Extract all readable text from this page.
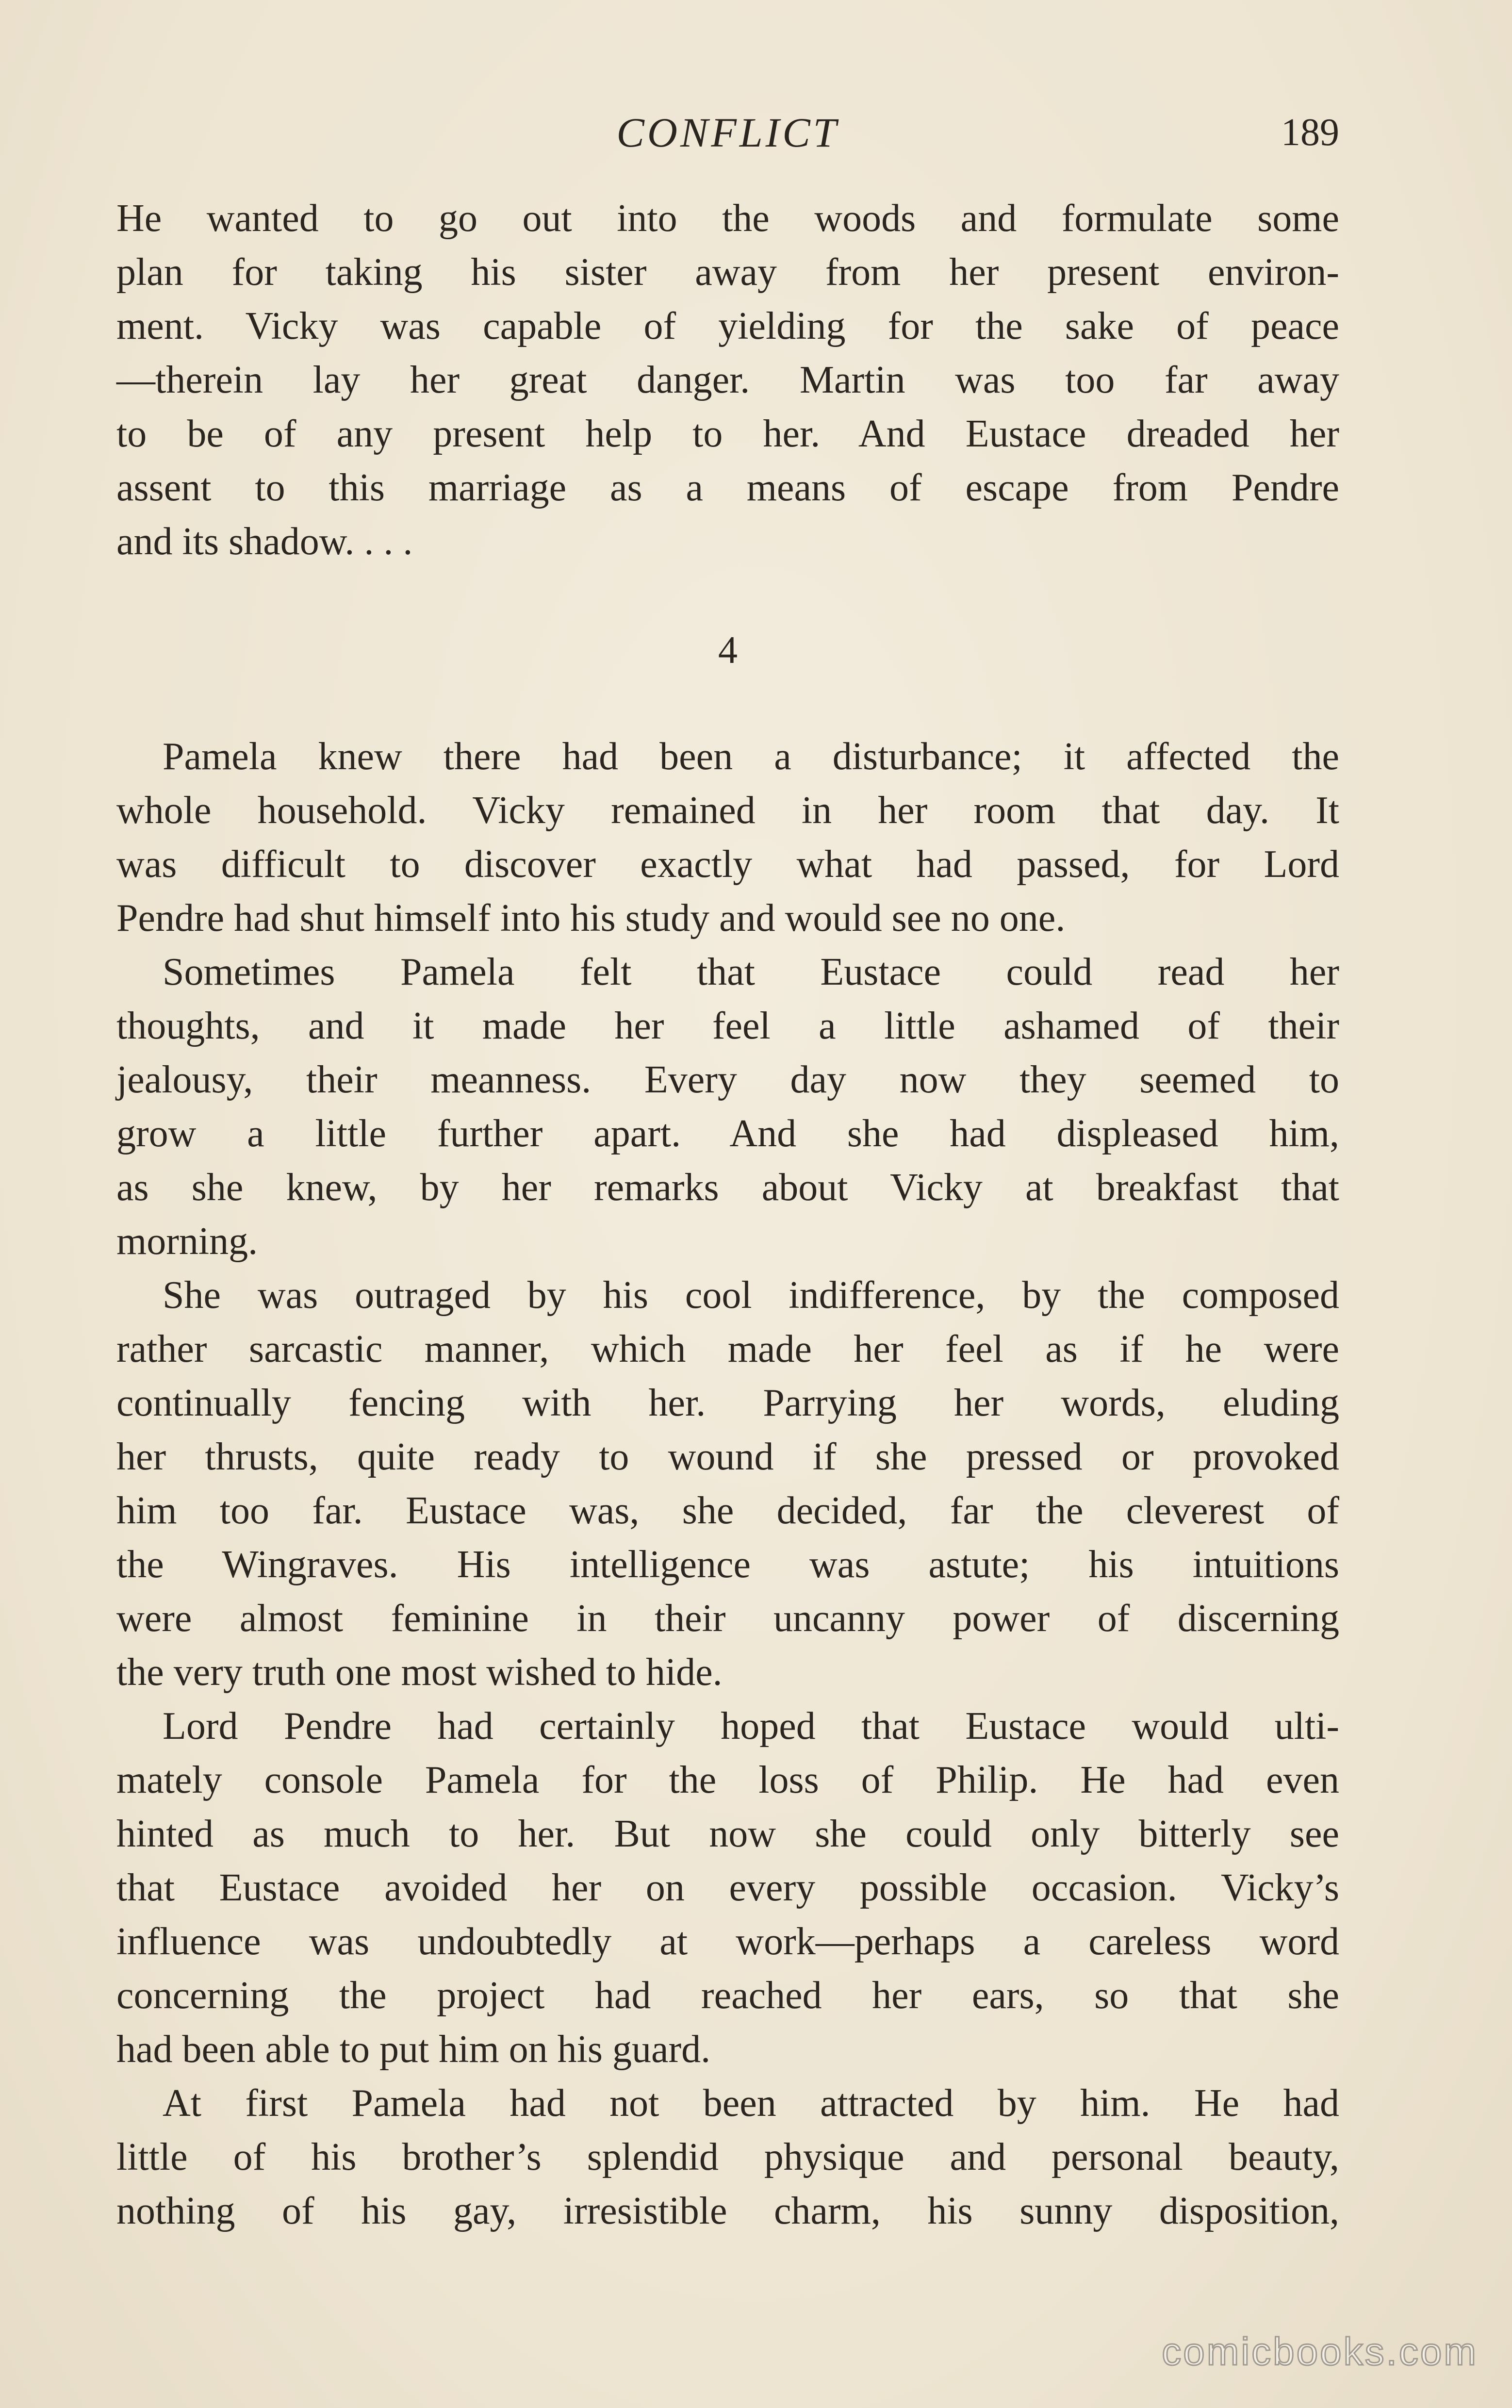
CONFLICT	189
He wanted to go out into the woods and formulate some
plan for taking his sister away from her present environ-
ment. Vicky was capable of yielding for the sake of peace
—therein lay her great danger. Martin was too far away
to be of any present help to her. And Eustace dreaded her
assent to this marriage as a means of escape from Pendre
and its shadow. . . .
4
Pamela knew there had been a disturbance; it affected the
whole household. Vicky remained in her room that day. It
was difficult to discover exactly what had passed, for Lord
Pendre had shut himself into his study and would see no one.
Sometimes Pamela felt that Eustace could read her
thoughts, and it made her feel a little ashamed of their
jealousy, their meanness. Every day now they seemed to
grow a little further apart. And she had displeased him,
as she knew, by her remarks about Vicky at breakfast that
morning.
She was outraged by his cool indifference, by the composed
rather sarcastic manner, which made her feel as if he were
continually fencing with her. Parrying her words, eluding
her thrusts, quite ready to wound if she pressed or provoked
him too far. Eustace was, she decided, far the cleverest of
the Wingraves. His intelligence was astute; his intuitions
were almost feminine in their uncanny power of discerning
the very truth one most wished to hide.
Lord Pendre had certainly hoped that Eustace would ulti-
mately console Pamela for the loss of Philip. He had even
hinted as much to her. But now she could only bitterly see
that Eustace avoided her on every possible occasion. Vicky’s
influence was undoubtedly at work—perhaps a careless word
concerning the project had reached her ears, so that she
had been able to put him on his guard.
At first Pamela had not been attracted by him. He had
little of his brother’s splendid physique and personal beauty,
nothing of his gay, irresistible charm, his sunny disposition,
comicbooks.com
